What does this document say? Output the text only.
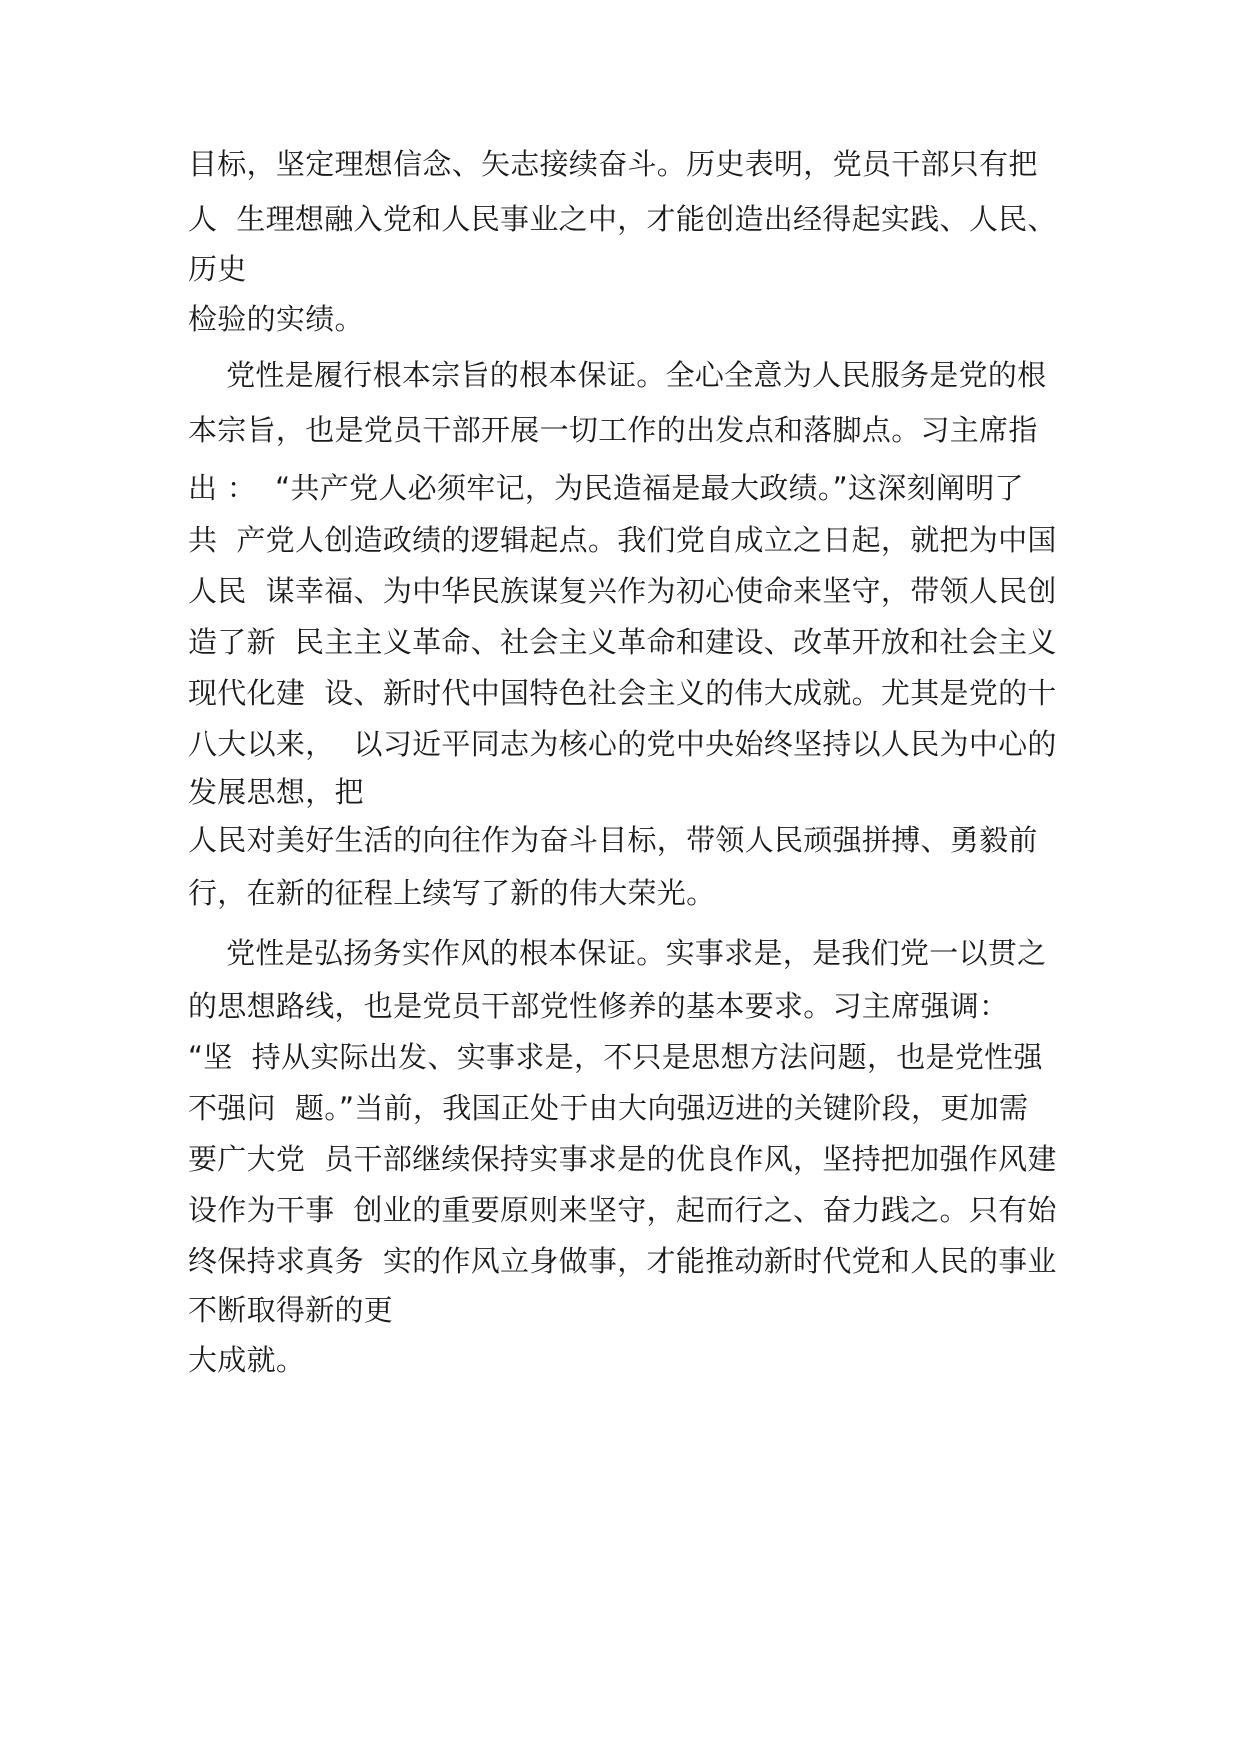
目标，坚定理想信念、矢志接续奋斗。历史表明，党员干部只有把
人  生理想融入党和人民事业之中，才能创造出经得起实践、人民、
历史
检验的实绩。
党性是履行根本宗旨的根本保证。全心全意为人民服务是党的根
本宗旨，也是党员干部开展一切工作的出发点和落脚点。习主席指
出 ：  “共产党人必须牢记，为民造福是最大政绩。”这深刻阐明了
共  产党人创造政绩的逻辑起点。我们党自成立之日起，就把为中国
人民  谋幸福、为中华民族谋复兴作为初心使命来坚守，带领人民创
造了新  民主主义革命、社会主义革命和建设、改革开放和社会主义
现代化建  设、新时代中国特色社会主义的伟大成就。尤其是党的十
八大以来，  以习近平同志为核心的党中央始终坚持以人民为中心的
发展思想，把
人民对美好生活的向往作为奋斗目标，带领人民顽强拼搏、勇毅前
行，在新的征程上续写了新的伟大荣光。
党性是弘扬务实作风的根本保证。实事求是，是我们党一以贯之
的思想路线，也是党员干部党性修养的基本要求。习主席强调：
“坚  持从实际出发、实事求是，不只是思想方法问题，也是党性强
不强问  题。”当前，我国正处于由大向强迈进的关键阶段，更加需
要广大党  员干部继续保持实事求是的优良作风，坚持把加强作风建
设作为干事  创业的重要原则来坚守，起而行之、奋力践之。只有始
终保持求真务  实的作风立身做事，才能推动新时代党和人民的事业
不断取得新的更
大成就。
